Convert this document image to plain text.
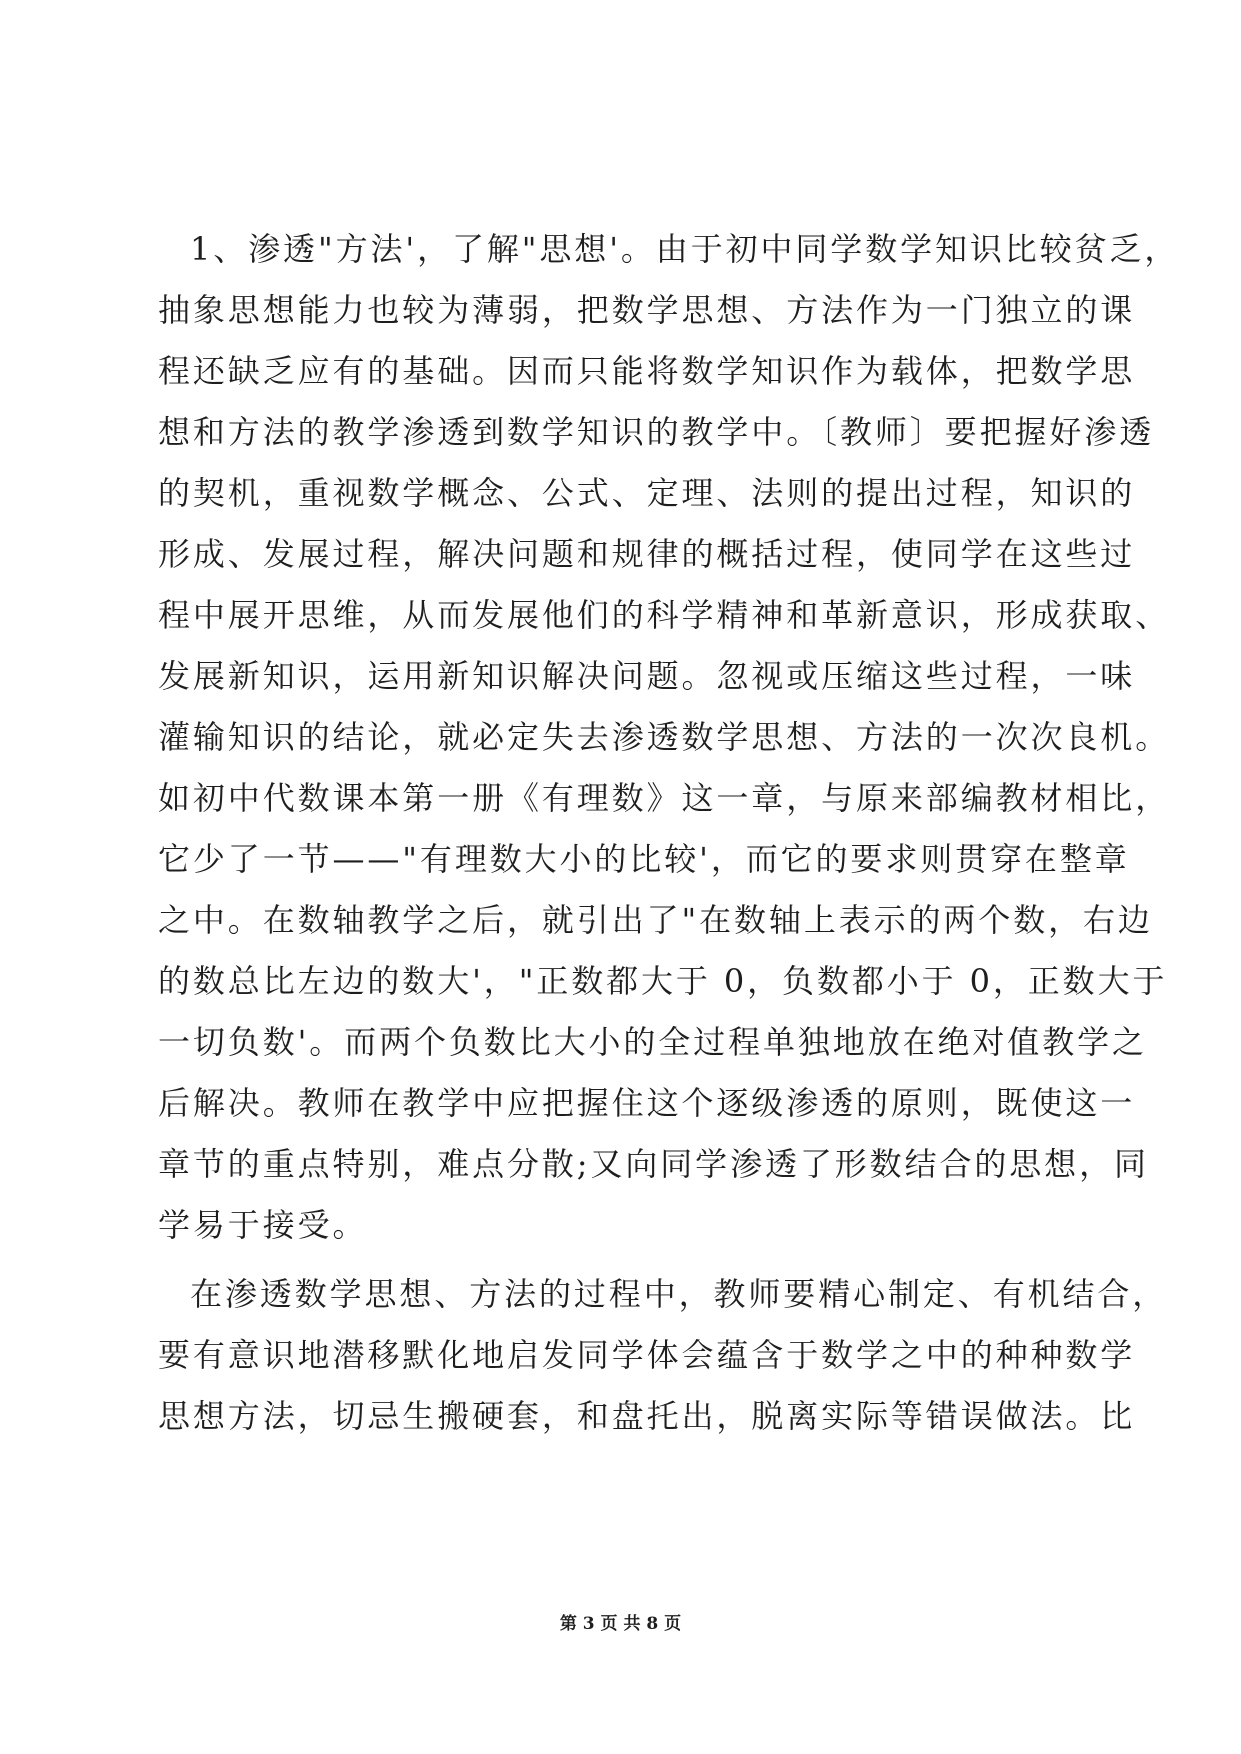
1、渗透"方法'，了解"思想'。由于初中同学数学知识比较贫乏，
抽象思想能力也较为薄弱，把数学思想、方法作为一门独立的课
程还缺乏应有的基础。因而只能将数学知识作为载体，把数学思
想和方法的教学渗透到数学知识的教学中。〔教师〕要把握好渗透
的契机，重视数学概念、公式、定理、法则的提出过程，知识的
形成、发展过程，解决问题和规律的概括过程，使同学在这些过
程中展开思维，从而发展他们的科学精神和革新意识，形成获取、
发展新知识，运用新知识解决问题。忽视或压缩这些过程，一味
灌输知识的结论，就必定失去渗透数学思想、方法的一次次良机。
如初中代数课本第一册《有理数》这一章，与原来部编教材相比，
它少了一节——"有理数大小的比较'，而它的要求则贯穿在整章
之中。在数轴教学之后，就引出了"在数轴上表示的两个数，右边
的数总比左边的数大'，"正数都大于 0，负数都小于 0，正数大于
一切负数'。而两个负数比大小的全过程单独地放在绝对值教学之
后解决。教师在教学中应把握住这个逐级渗透的原则，既使这一
章节的重点特别，难点分散;又向同学渗透了形数结合的思想，同
学易于接受。
在渗透数学思想、方法的过程中，教师要精心制定、有机结合，
要有意识地潜移默化地启发同学体会蕴含于数学之中的种种数学
思想方法，切忌生搬硬套，和盘托出，脱离实际等错误做法。比
第 3 页 共 8 页
